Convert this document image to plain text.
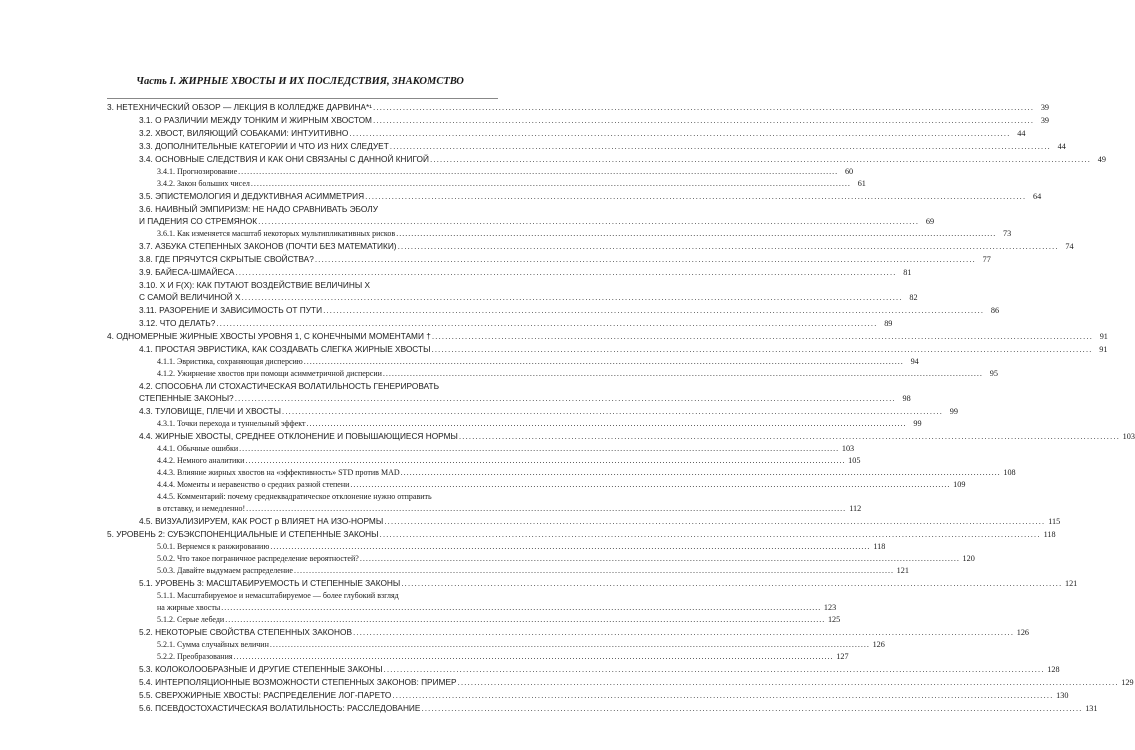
Часть I. ЖИРНЫЕ ХВОСТЫ И ИХ ПОСЛЕДСТВИЯ, ЗНАКОМСТВО
3. НЕТЕХНИЧЕСКИЙ ОБЗОР — ЛЕКЦИЯ В КОЛЛЕДЖЕ ДАРВИНА*¹ .....	39
3.1. О РАЗЛИЧИИ МЕЖДУ ТОНКИМ И ЖИРНЫМ ХВОСТОМ .....	39
3.2. ХВОСТ, ВИЛЯЮЩИЙ СОБАКАМИ: ИНТУИТИВНО .....	44
3.3. ДОПОЛНИТЕЛЬНЫЕ КАТЕГОРИИ И ЧТО ИЗ НИХ СЛЕДУЕТ .....	44
3.4. ОСНОВНЫЕ СЛЕДСТВИЯ И КАК ОНИ СВЯЗАНЫ С ДАННОЙ КНИГОЙ .....	49
3.4.1. Прогнозирование .....	60
3.4.2. Закон больших чисел .....	61
3.5. ЭПИСТЕМОЛОГИЯ И ДЕДУКТИВНАЯ АСИММЕТРИЯ .....	64
3.6. НАИВНЫЙ ЭМПИРИЗМ: НЕ НАДО СРАВНИВАТЬ ЭБОЛУ
И ПАДЕНИЯ СО СТРЕМЯНОК .....	69
3.6.1. Как изменяется масштаб некоторых мультипликативных рисков .....	73
3.7. АЗБУКА СТЕПЕННЫХ ЗАКОНОВ (ПОЧТИ БЕЗ МАТЕМАТИКИ) .....	74
3.8. ГДЕ ПРЯЧУТСЯ СКРЫТЫЕ СВОЙСТВА? .....	77
3.9. БАЙЕСА-ШМАЙЕСА .....	81
3.10. X И F(X): КАК ПУТАЮТ ВОЗДЕЙСТВИЕ ВЕЛИЧИНЫ X
С САМОЙ ВЕЛИЧИНОЙ X .....	82
3.11. РАЗОРЕНИЕ И ЗАВИСИМОСТЬ ОТ ПУТИ .....	86
3.12. ЧТО ДЕЛАТЬ? .....	89
4. ОДНОМЕРНЫЕ ЖИРНЫЕ ХВОСТЫ УРОВНЯ 1, С КОНЕЧНЫМИ МОМЕНТАМИ † .....	91
4.1. ПРОСТАЯ ЭВРИСТИКА, КАК СОЗДАВАТЬ СЛЕГКА ЖИРНЫЕ ХВОСТЫ .....	91
4.1.1. Эвристика, сохраняющая дисперсию .....	94
4.1.2. Ужирнение хвостов при помощи асимметричной дисперсии .....	95
4.2. СПОСОБНА ЛИ СТОХАСТИЧЕСКАЯ ВОЛАТИЛЬНОСТЬ ГЕНЕРИРОВАТЬ
СТЕПЕННЫЕ ЗАКОНЫ? .....	98
4.3. ТУЛОВИЩЕ, ПЛЕЧИ И ХВОСТЫ .....	99
4.3.1. Точки перехода и туннельный эффект .....	99
4.4. ЖИРНЫЕ ХВОСТЫ, СРЕДНЕЕ ОТКЛОНЕНИЕ И ПОВЫШАЮЩИЕСЯ НОРМЫ .....	103
4.4.1. Обычные ошибки .....	103
4.4.2. Немного аналитики .....	105
4.4.3. Влияние жирных хвостов на «эффективность» STD против MAD .....	108
4.4.4. Моменты и неравенство о средних разной степени .....	109
4.4.5. Комментарий: почему среднеквадратическое отклонение нужно отправить
в отставку, и немедленно! .....	112
4.5. ВИЗУАЛИЗИРУЕМ, КАК РОСТ p ВЛИЯЕТ НА ИЗО-НОРМЫ .....	115
5. УРОВЕНЬ 2: СУБЭКСПОНЕНЦИАЛЬНЫЕ И СТЕПЕННЫЕ ЗАКОНЫ .....	118
5.0.1. Вернемся к ранжированию .....	118
5.0.2. Что такое пограничное распределение вероятностей? .....	120
5.0.3. Давайте выдумаем распределение .....	121
5.1. УРОВЕНЬ 3: МАСШТАБИРУЕМОСТЬ И СТЕПЕННЫЕ ЗАКОНЫ .....	121
5.1.1. Масштабируемое и немасштабируемое — более глубокий взгляд
на жирные хвосты .....	123
5.1.2. Серые лебеди .....	125
5.2. НЕКОТОРЫЕ СВОЙСТВА СТЕПЕННЫХ ЗАКОНОВ .....	126
5.2.1. Сумма случайных величин .....	126
5.2.2. Преобразования .....	127
5.3. КОЛОКОЛООБРАЗНЫЕ И ДРУГИЕ СТЕПЕННЫЕ ЗАКОНЫ .....	128
5.4. ИНТЕРПОЛЯЦИОННЫЕ ВОЗМОЖНОСТИ СТЕПЕННЫХ ЗАКОНОВ: ПРИМЕР .....	129
5.5. СВЕРХЖИРНЫЕ ХВОСТЫ: РАСПРЕДЕЛЕНИЕ ЛОГ-ПАРЕТО .....	130
5.6. ПСЕВДОСТОХАСТИЧЕСКАЯ ВОЛАТИЛЬНОСТЬ: РАССЛЕДОВАНИЕ .....	131
